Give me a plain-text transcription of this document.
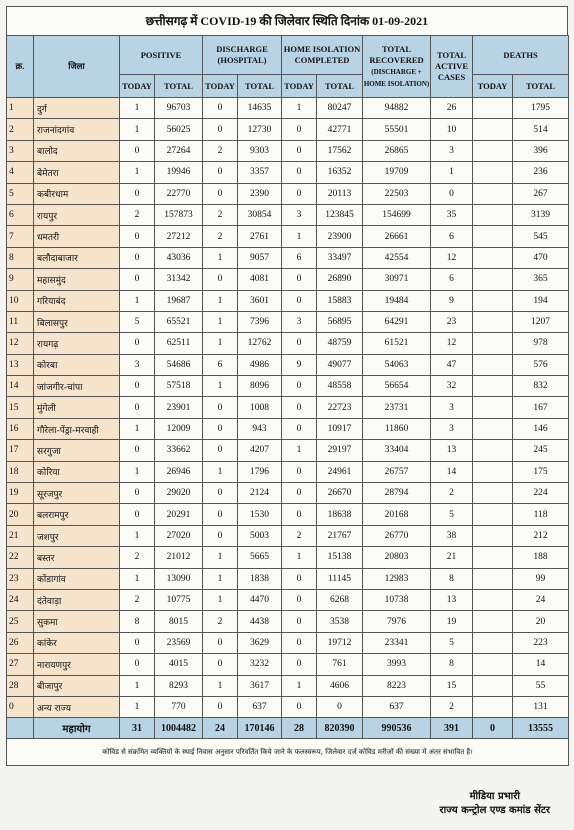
छत्तीसगढ़ में COVID-19 की जिलेवार स्थिति दिनांक 01-09-2021
क्र.	जिला	POSITIVE		DISCHARGE (HOSPITAL)		HOME ISOLATION COMPLETED		TOTAL RECOVERED
(DISCHARGE + HOME ISOLATION)	TOTAL ACTIVE CASES	DEATHS	
		TODAY	TOTAL	TODAY	TOTAL	TODAY	TOTAL			TODAY	TOTAL
1	दुर्ग	1	96703	0	14635	1	80247	94882	26		1795
2	राजनांदगांव	1	56025	0	12730	0	42771	55501	10		514
3	बालोद	0	27264	2	9303	0	17562	26865	3		396
4	बेमेतरा	1	19946	0	3357	0	16352	19709	1		236
5	कबीरधाम	0	22770	0	2390	0	20113	22503	0		267
6	रायपुर	2	157873	2	30854	3	123845	154699	35		3139
7	धमतरी	0	27212	2	2761	1	23900	26661	6		545
8	बलौदाबाजार	0	43036	1	9057	6	33497	42554	12		470
9	महासमुंद	0	31342	0	4081	0	26890	30971	6		365
10	गरियाबंद	1	19687	1	3601	0	15883	19484	9		194
11	बिलासपुर	5	65521	1	7396	3	56895	64291	23		1207
12	रायगढ़	0	62511	1	12762	0	48759	61521	12		978
13	कोरबा	3	54686	6	4986	9	49077	54063	47		576
14	जांजगीर-चांपा	0	57518	1	8096	0	48558	56654	32		832
15	मुंगेली	0	23901	0	1008	0	22723	23731	3		167
16	गौरेला-पेंड्रा-मरवाही	1	12009	0	943	0	10917	11860	3		146
17	सरगुजा	0	33662	0	4207	1	29197	33404	13		245
18	कोरिया	1	26946	1	1796	0	24961	26757	14		175
19	सूरजपुर	0	29020	0	2124	0	26670	28794	2		224
20	बलरामपुर	0	20291	0	1530	0	18638	20168	5		118
21	जशपुर	1	27020	0	5003	2	21767	26770	38		212
22	बस्तर	2	21012	1	5665	1	15138	20803	21		188
23	कोंडागांव	1	13090	1	1838	0	11145	12983	8		99
24	दंतेवाड़ा	2	10775	1	4470	0	6268	10738	13		24
25	सुकमा	8	8015	2	4438	0	3538	7976	19		20
26	कांकेर	0	23569	0	3629	0	19712	23341	5		223
27	नारायणपुर	0	4015	0	3232	0	761	3993	8		14
28	बीजापुर	1	8293	1	3617	1	4606	8223	15		55
0	अन्य राज्य	1	770	0	637	0	0	637	2		131
	महायोग	31	1004482	24	170146	28	820390	990536	391	0	13555
कोविड से संक्रमित व्यक्तियों के स्थाई निवास अनुसार परिवर्तित किये जाने के फलस्वरूप, जिलेवार दर्ज कोविड मरीजों की संख्या में अंतर संभावित है।											
मीडिया प्रभारी
राज्य कन्ट्रोल एण्ड कमांड सेंटर
